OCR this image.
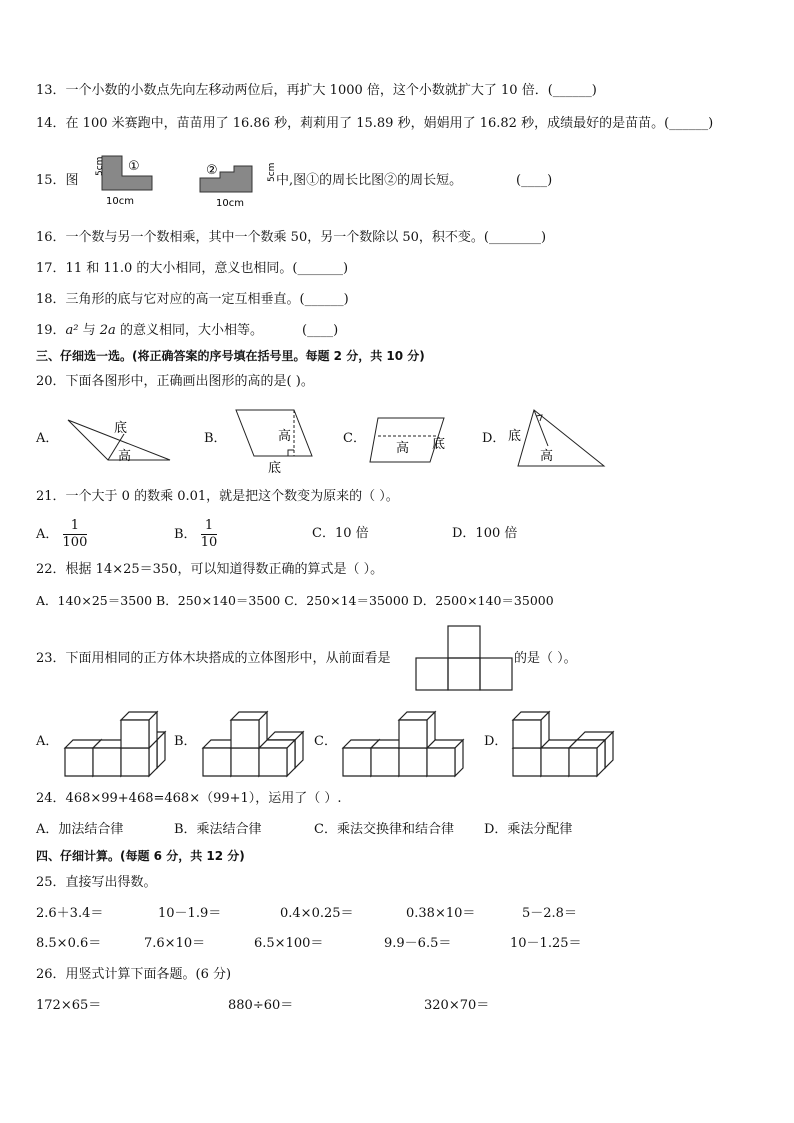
13．一个小数的小数点先向左移动两位后，再扩大 1000 倍，这个小数就扩大了 10 倍．(______)
14．在 100 米赛跑中，苗苗用了 16.86 秒，莉莉用了 15.89 秒，娟娟用了 16.82 秒，成绩最好的是苗苗。(______)
15．图
①
5cm
10cm
②	5cm
10cm
中,图①的周长比图②的周长短。	(____)
16．一个数与另一个数相乘，其中一个数乘 50，另一个数除以 50，积不变。(________)
17．11 和 11.0 的大小相同，意义也相同。(_______)
18．三角形的底与它对应的高一定互相垂直。(______)
19．a² 与 2a 的意义相同，大小相等。	(____)
三、仔细选一选。(将正确答案的序号填在括号里。每题 2 分，共 10 分)
20．下面各图形中，正确画出图形的高的是( )。
A．
底
高
B．	高
底
C．
高 底	D． 底
高
21．一个大于 0 的数乘 0.01，就是把这个数变为原来的（ ）。
A． $\frac{1}{100}$	B． $\frac{1}{10}$	C．10 倍	D．100 倍
22．根据 14×25＝350，可以知道得数正确的算式是（ ）。
A．140×25＝3500 B．250×140＝3500 C．250×14＝35000 D．2500×140＝35000
23．下面用相同的正方体木块搭成的立体图形中，从前面看是	的是（ ）。
A．	B．	C．	D．
24．468×99+468=468×（99+1），运用了（ ）.
A．加法结合律	B．乘法结合律	C．乘法交换律和结合律 D．乘法分配律
四、仔细计算。(每题 6 分，共 12 分)
25．直接写出得数。
2.6＋3.4＝	10－1.9＝	0.4×0.25＝	0.38×10＝	5－2.8＝
8.5×0.6＝	7.6×10＝	6.5×100＝	9.9－6.5＝	10－1.25＝
26．用竖式计算下面各题。(6 分)
172×65＝	880÷60＝	320×70＝
